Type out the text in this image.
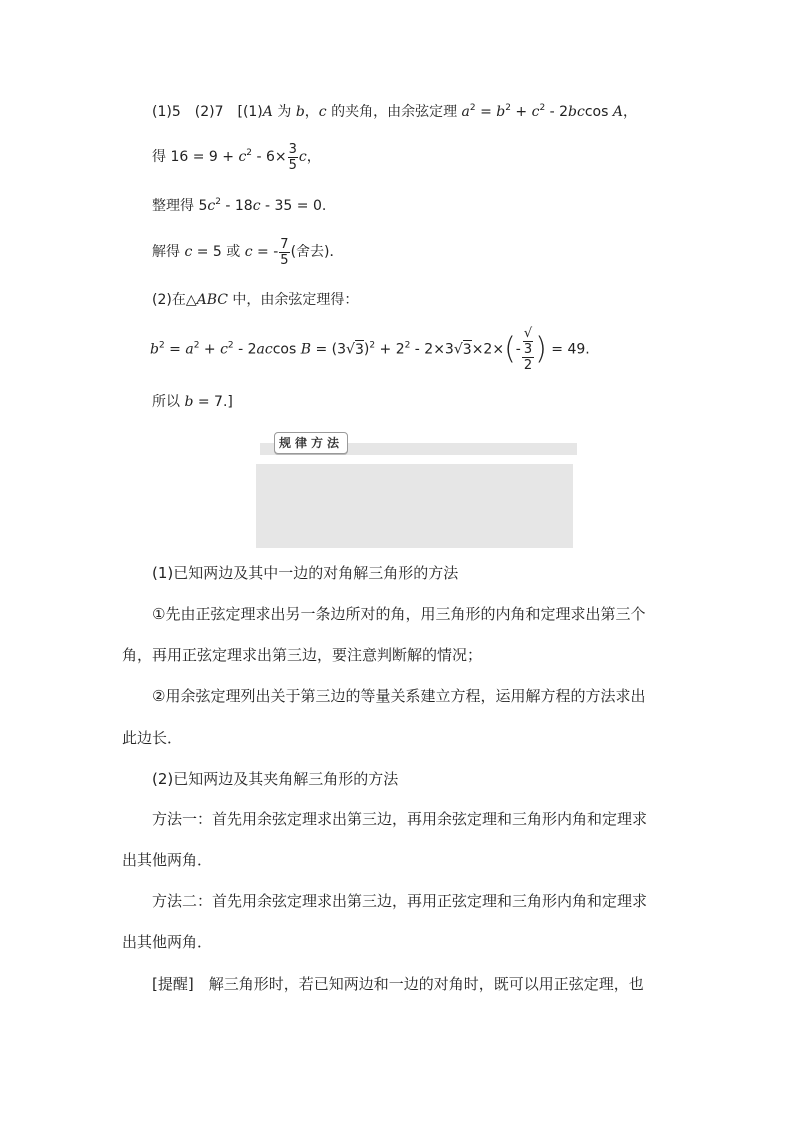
(1)5　(2)7　[(1)A 为 b，c 的夹角，由余弦定理 $a^2 = b^2 + c^2 - 2bccos$ A，
得 $16 = 9 + c^2 - 6\times \frac{3}{5}$ c，
整理得 $5c^2 - 18c - 35 = 0$.
解得 c = 5 或 c = - $\frac{7}{5}$ (舍去)．
(2)在△ABC 中，由余弦定理得：
$b^2 = a^2 + c^2 - 2accos$ $B = (3√3)^2 + 2^2 - 2\times 3√3\times 2\times(-$ √
3
2 ) = 49.
所以 b = 7.]
规律方法
(1)已知两边及其中一边的对角解三角形的方法
①先由正弦定理求出另一条边所对的角，用三角形的内角和定理求出第三个
角，再用正弦定理求出第三边，要注意判断解的情况；
②用余弦定理列出关于第三边的等量关系建立方程，运用解方程的方法求出
此边长．
(2)已知两边及其夹角解三角形的方法
方法一：首先用余弦定理求出第三边，再用余弦定理和三角形内角和定理求
出其他两角．
方法二：首先用余弦定理求出第三边，再用正弦定理和三角形内角和定理求
出其他两角．
[提醒]　解三角形时，若已知两边和一边的对角时，既可以用正弦定理，也
